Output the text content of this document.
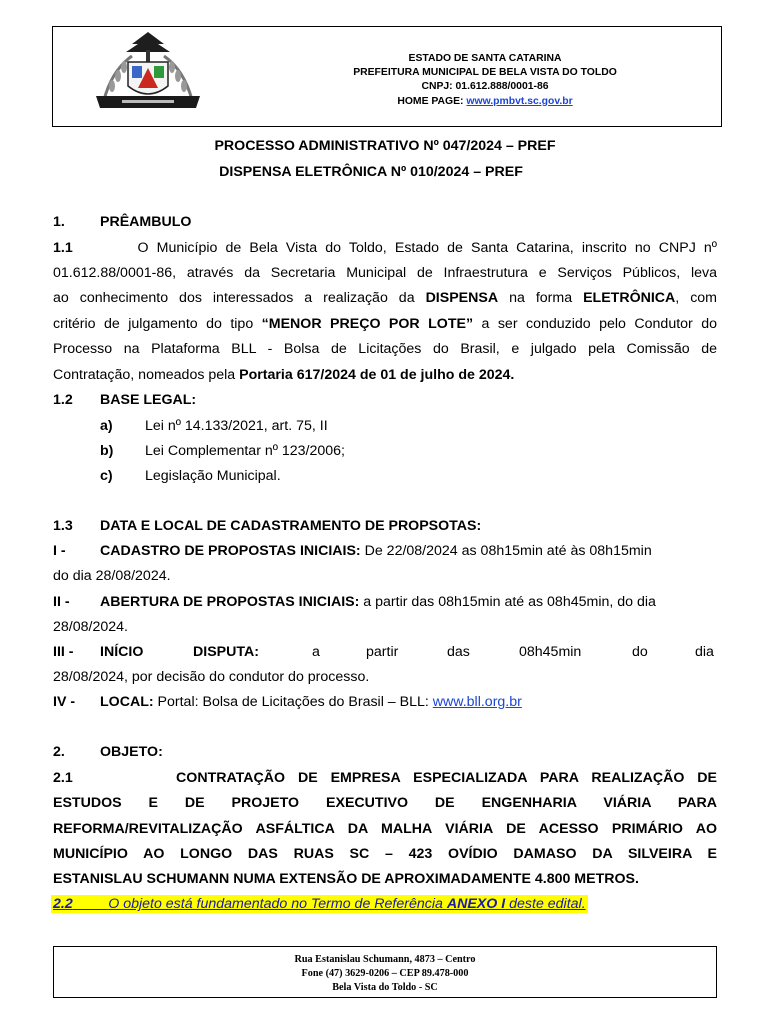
ESTADO DE SANTA CATARINA
PREFEITURA MUNICIPAL DE BELA VISTA DO TOLDO
CNPJ: 01.612.888/0001-86
HOME PAGE: www.pmbvt.sc.gov.br
PROCESSO ADMINISTRATIVO Nº 047/2024 – PREF
DISPENSA ELETRÔNICA Nº 010/2024 – PREF
1. PRÊAMBULO
1.1	O Município de Bela Vista do Toldo, Estado de Santa Catarina, inscrito no CNPJ nº
01.612.88/0001-86, através da Secretaria Municipal de Infraestrutura e Serviços Públicos, leva
ao conhecimento dos interessados a realização da DISPENSA na forma ELETRÔNICA, com
critério de julgamento do tipo “MENOR PREÇO POR LOTE” a ser conduzido pelo Condutor do
Processo na Plataforma BLL - Bolsa de Licitações do Brasil, e julgado pela Comissão de
Contratação, nomeados pela Portaria 617/2024 de 01 de julho de 2024.
1.2 BASE LEGAL:
a) Lei nº 14.133/2021, art. 75, II
b) Lei Complementar nº 123/2006;
c) Legislação Municipal.
1.3 DATA E LOCAL DE CADASTRAMENTO DE PROPSOTAS:
I - CADASTRO DE PROPOSTAS INICIAIS: De 22/08/2024 as 08h15min até às 08h15min
do dia 28/08/2024.
II - ABERTURA DE PROPOSTAS INICIAIS: a partir das 08h15min até as 08h45min, do dia
28/08/2024.
III - INÍCIO	DISPUTA:	a	partir	das	08h45min	do	dia
28/08/2024, por decisão do condutor do processo.
IV - LOCAL: Portal: Bolsa de Licitações do Brasil – BLL: www.bll.org.br
2. OBJETO:
2.1	CONTRATAÇÃO DE EMPRESA ESPECIALIZADA PARA REALIZAÇÃO DE
ESTUDOS E DE PROJETO EXECUTIVO DE ENGENHARIA VIÁRIA PARA
REFORMA/REVITALIZAÇÃO ASFÁLTICA DA MALHA VIÁRIA DE ACESSO PRIMÁRIO AO
MUNICÍPIO AO LONGO DAS RUAS SC – 423 OVÍDIO DAMASO DA SILVEIRA E
ESTANISLAU SCHUMANN NUMA EXTENSÃO DE APROXIMADAMENTE 4.800 METROS.
2.2 O objeto está fundamentado no Termo de Referência ANEXO I deste edital.
Rua Estanislau Schumann, 4873 – Centro
Fone (47) 3629-0206 – CEP 89.478-000
Bela Vista do Toldo - SC
